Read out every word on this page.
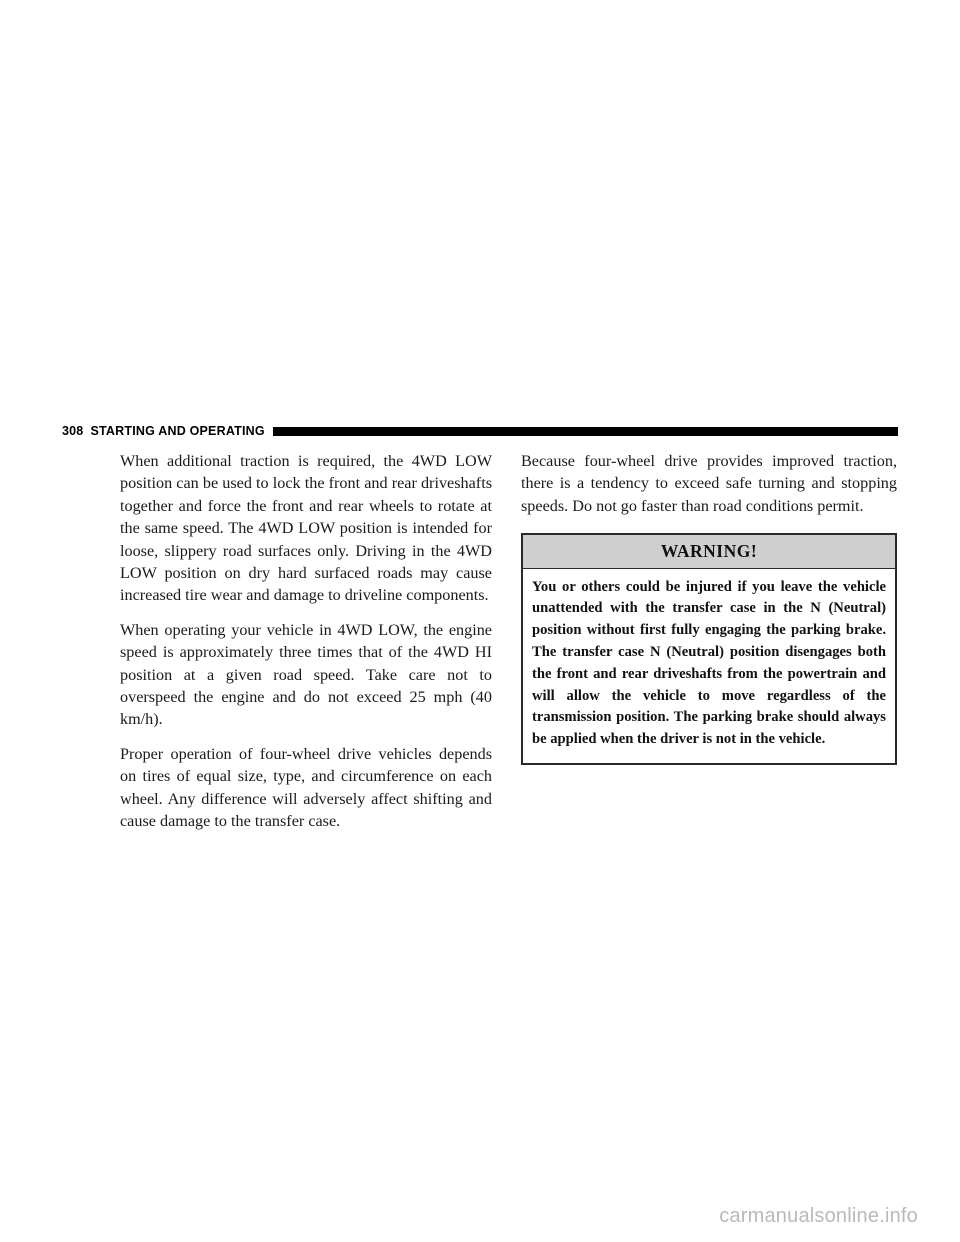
308 STARTING AND OPERATING

When additional traction is required, the 4WD LOW position can be used to lock the front and rear driveshafts together and force the front and rear wheels to rotate at the same speed. The 4WD LOW position is intended for loose, slippery road surfaces only. Driving in the 4WD LOW position on dry hard surfaced roads may cause increased tire wear and damage to driveline components.

When operating your vehicle in 4WD LOW, the engine speed is approximately three times that of the 4WD HI position at a given road speed. Take care not to overspeed the engine and do not exceed 25 mph (40 km/h).

Proper operation of four-wheel drive vehicles depends on tires of equal size, type, and circumference on each wheel. Any difference will adversely affect shifting and cause damage to the transfer case.

Because four-wheel drive provides improved traction, there is a tendency to exceed safe turning and stopping speeds. Do not go faster than road conditions permit.

WARNING!
You or others could be injured if you leave the vehicle unattended with the transfer case in the N (Neutral) position without first fully engaging the parking brake. The transfer case N (Neutral) position disengages both the front and rear driveshafts from the powertrain and will allow the vehicle to move regardless of the transmission position. The parking brake should always be applied when the driver is not in the vehicle.
carmanualsonline.info
